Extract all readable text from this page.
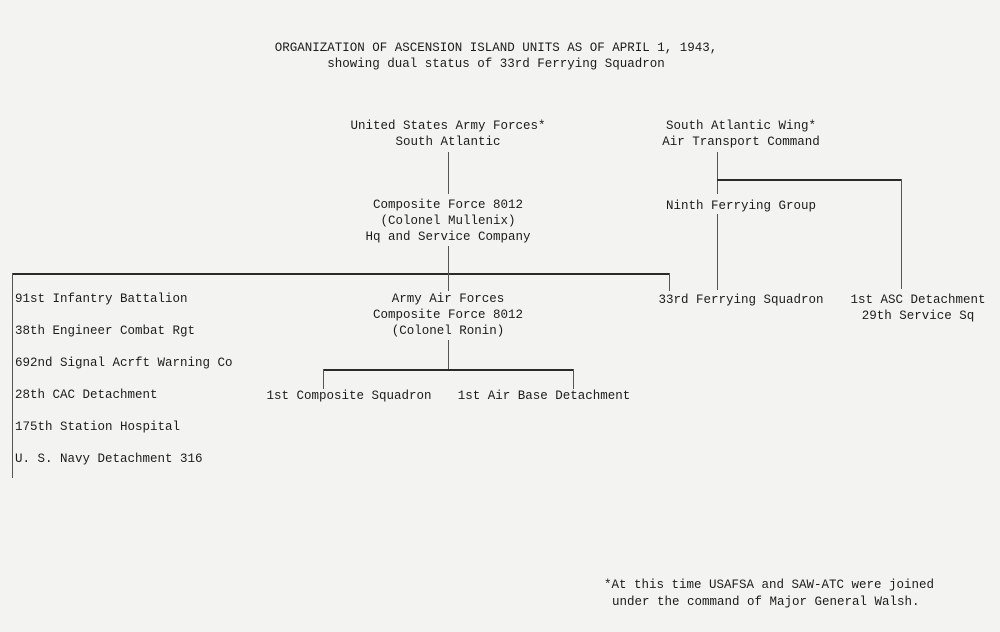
ORGANIZATION OF ASCENSION ISLAND UNITS AS OF APRIL 1, 1943,
showing dual status of 33rd Ferrying Squadron
United States Army Forces*
South Atlantic
South Atlantic Wing*
Air Transport Command
Composite Force 8012
(Colonel Mullenix)
Hq and Service Company
Ninth Ferrying Group
91st Infantry Battalion
38th Engineer Combat Rgt
692nd Signal Acrft Warning Co
28th CAC Detachment
175th Station Hospital
U. S. Navy Detachment 316
Army Air Forces
Composite Force 8012
(Colonel Ronin)
33rd Ferrying Squadron 1st ASC Detachment
29th Service Sq
1st Composite Squadron 1st Air Base Detachment
*At this time USAFSA and SAW-ATC were joined
under the command of Major General Walsh.
